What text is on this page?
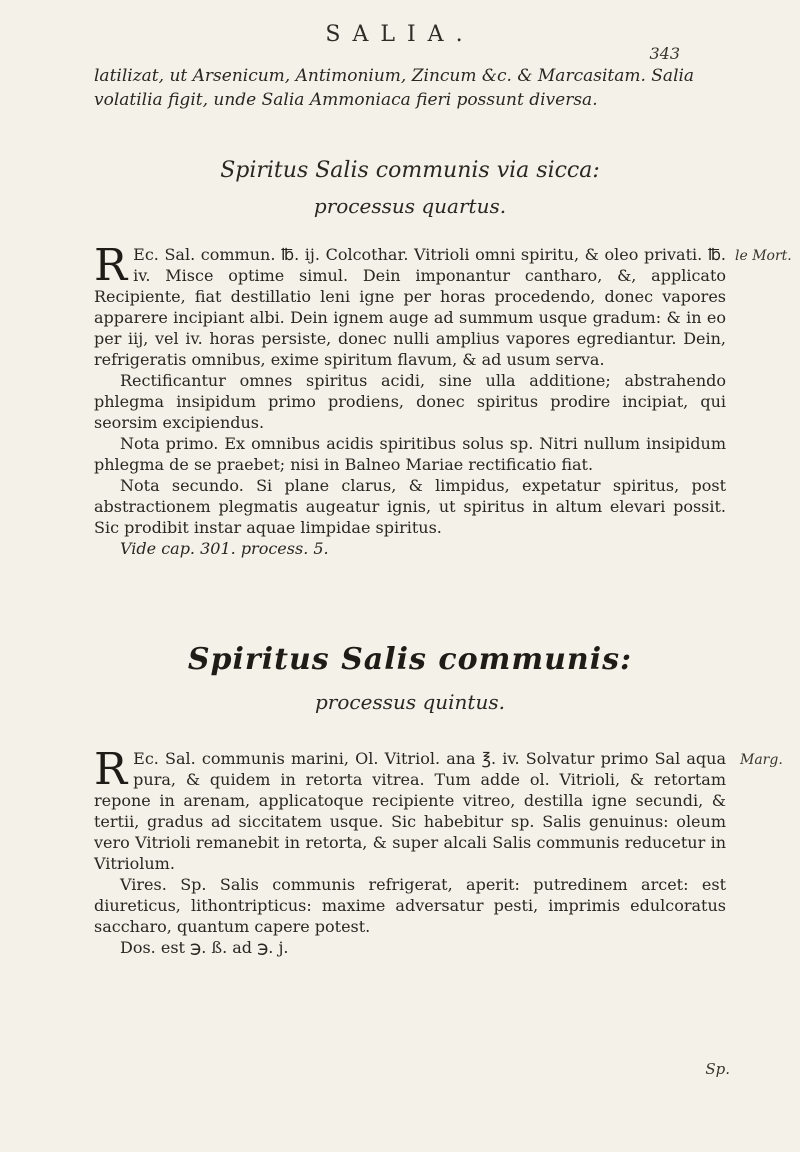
SALIA.
343
latilizat, ut Arsenicum, Antimonium, Zincum &c. & Marcasitam. Salia volatilia figit, unde Salia Ammoniaca fieri possunt diversa.
Spiritus Salis communis via sicca:
processus quartus.
le Mort.

R Ec. Sal. commun. ℔. ij. Colcothar. Vitrioli omni spiritu, & oleo privati. ℔. iv. Misce optime simul. Dein imponantur cantharo, &, applicato Recipiente, fiat destillatio leni igne per horas procedendo, donec vapores apparere incipiant albi. Dein ignem auge ad summum usque gradum: & in eo per iij, vel iv. horas persiste, donec nulli amplius vapores egrediantur. Dein, refrigeratis omnibus, exime spiritum flavum, & ad usum serva.

Rectificantur omnes spiritus acidi, sine ulla additione; abstrahendo phlegma insipidum primo prodiens, donec spiritus prodire incipiat, qui seorsim excipiendus.

Nota primo. Ex omnibus acidis spiritibus solus sp. Nitri nullum insipidum phlegma de se praebet; nisi in Balneo Mariae rectificatio fiat.

Nota secundo. Si plane clarus, & limpidus, expetatur spiritus, post abstractionem plegmatis augeatur ignis, ut spiritus in altum elevari possit. Sic prodibit instar aquae limpidae spiritus.

Vide cap. 301. process. 5.

Spiritus Salis communis:
processus quintus.
Marg.

R Ec. Sal. communis marini, Ol. Vitriol. ana ℥. iv. Solvatur primo Sal aqua pura, & quidem in retorta vitrea. Tum adde ol. Vitrioli, & retortam repone in arenam, applicatoque recipiente vitreo, destilla igne secundi, & tertii, gradus ad siccitatem usque. Sic habebitur sp. Salis genuinus: oleum vero Vitrioli remanebit in retorta, & super alcali Salis communis reducetur in Vitriolum.

Vires. Sp. Salis communis refrigerat, aperit: putredinem arcet: est diureticus, lithontripticus: maxime adversatur pesti, imprimis edulcoratus saccharo, quantum capere potest.

Dos. est ℈. ß. ad ℈. j.

Sp.
